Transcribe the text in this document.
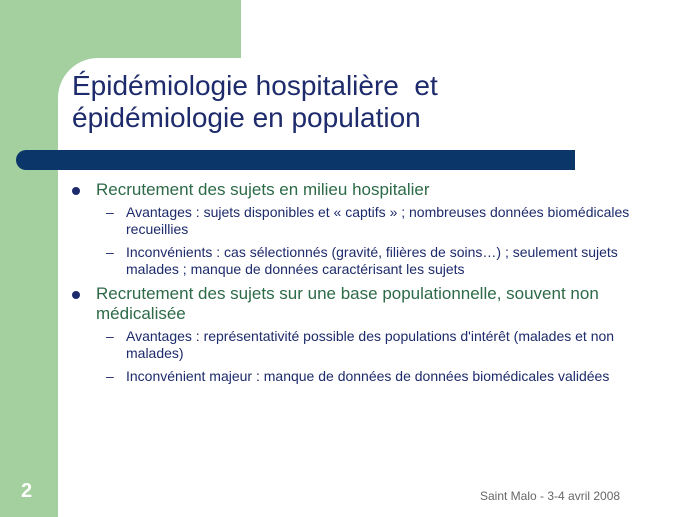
Épidémiologie hospitalière  et
épidémiologie en population
Recrutement des sujets en milieu hospitalier
– Avantages : sujets disponibles et « captifs » ; nombreuses données biomédicales recueillies
– Inconvénients : cas sélectionnés (gravité, filières de soins…) ; seulement sujets malades ; manque de données caractérisant les sujets
Recrutement des sujets sur une base populationnelle, souvent non médicalisée
– Avantages : représentativité possible des populations d'intérêt (malades et non malades)
– Inconvénient majeur : manque de données de données biomédicales validées
2	Saint Malo - 3-4 avril 2008
